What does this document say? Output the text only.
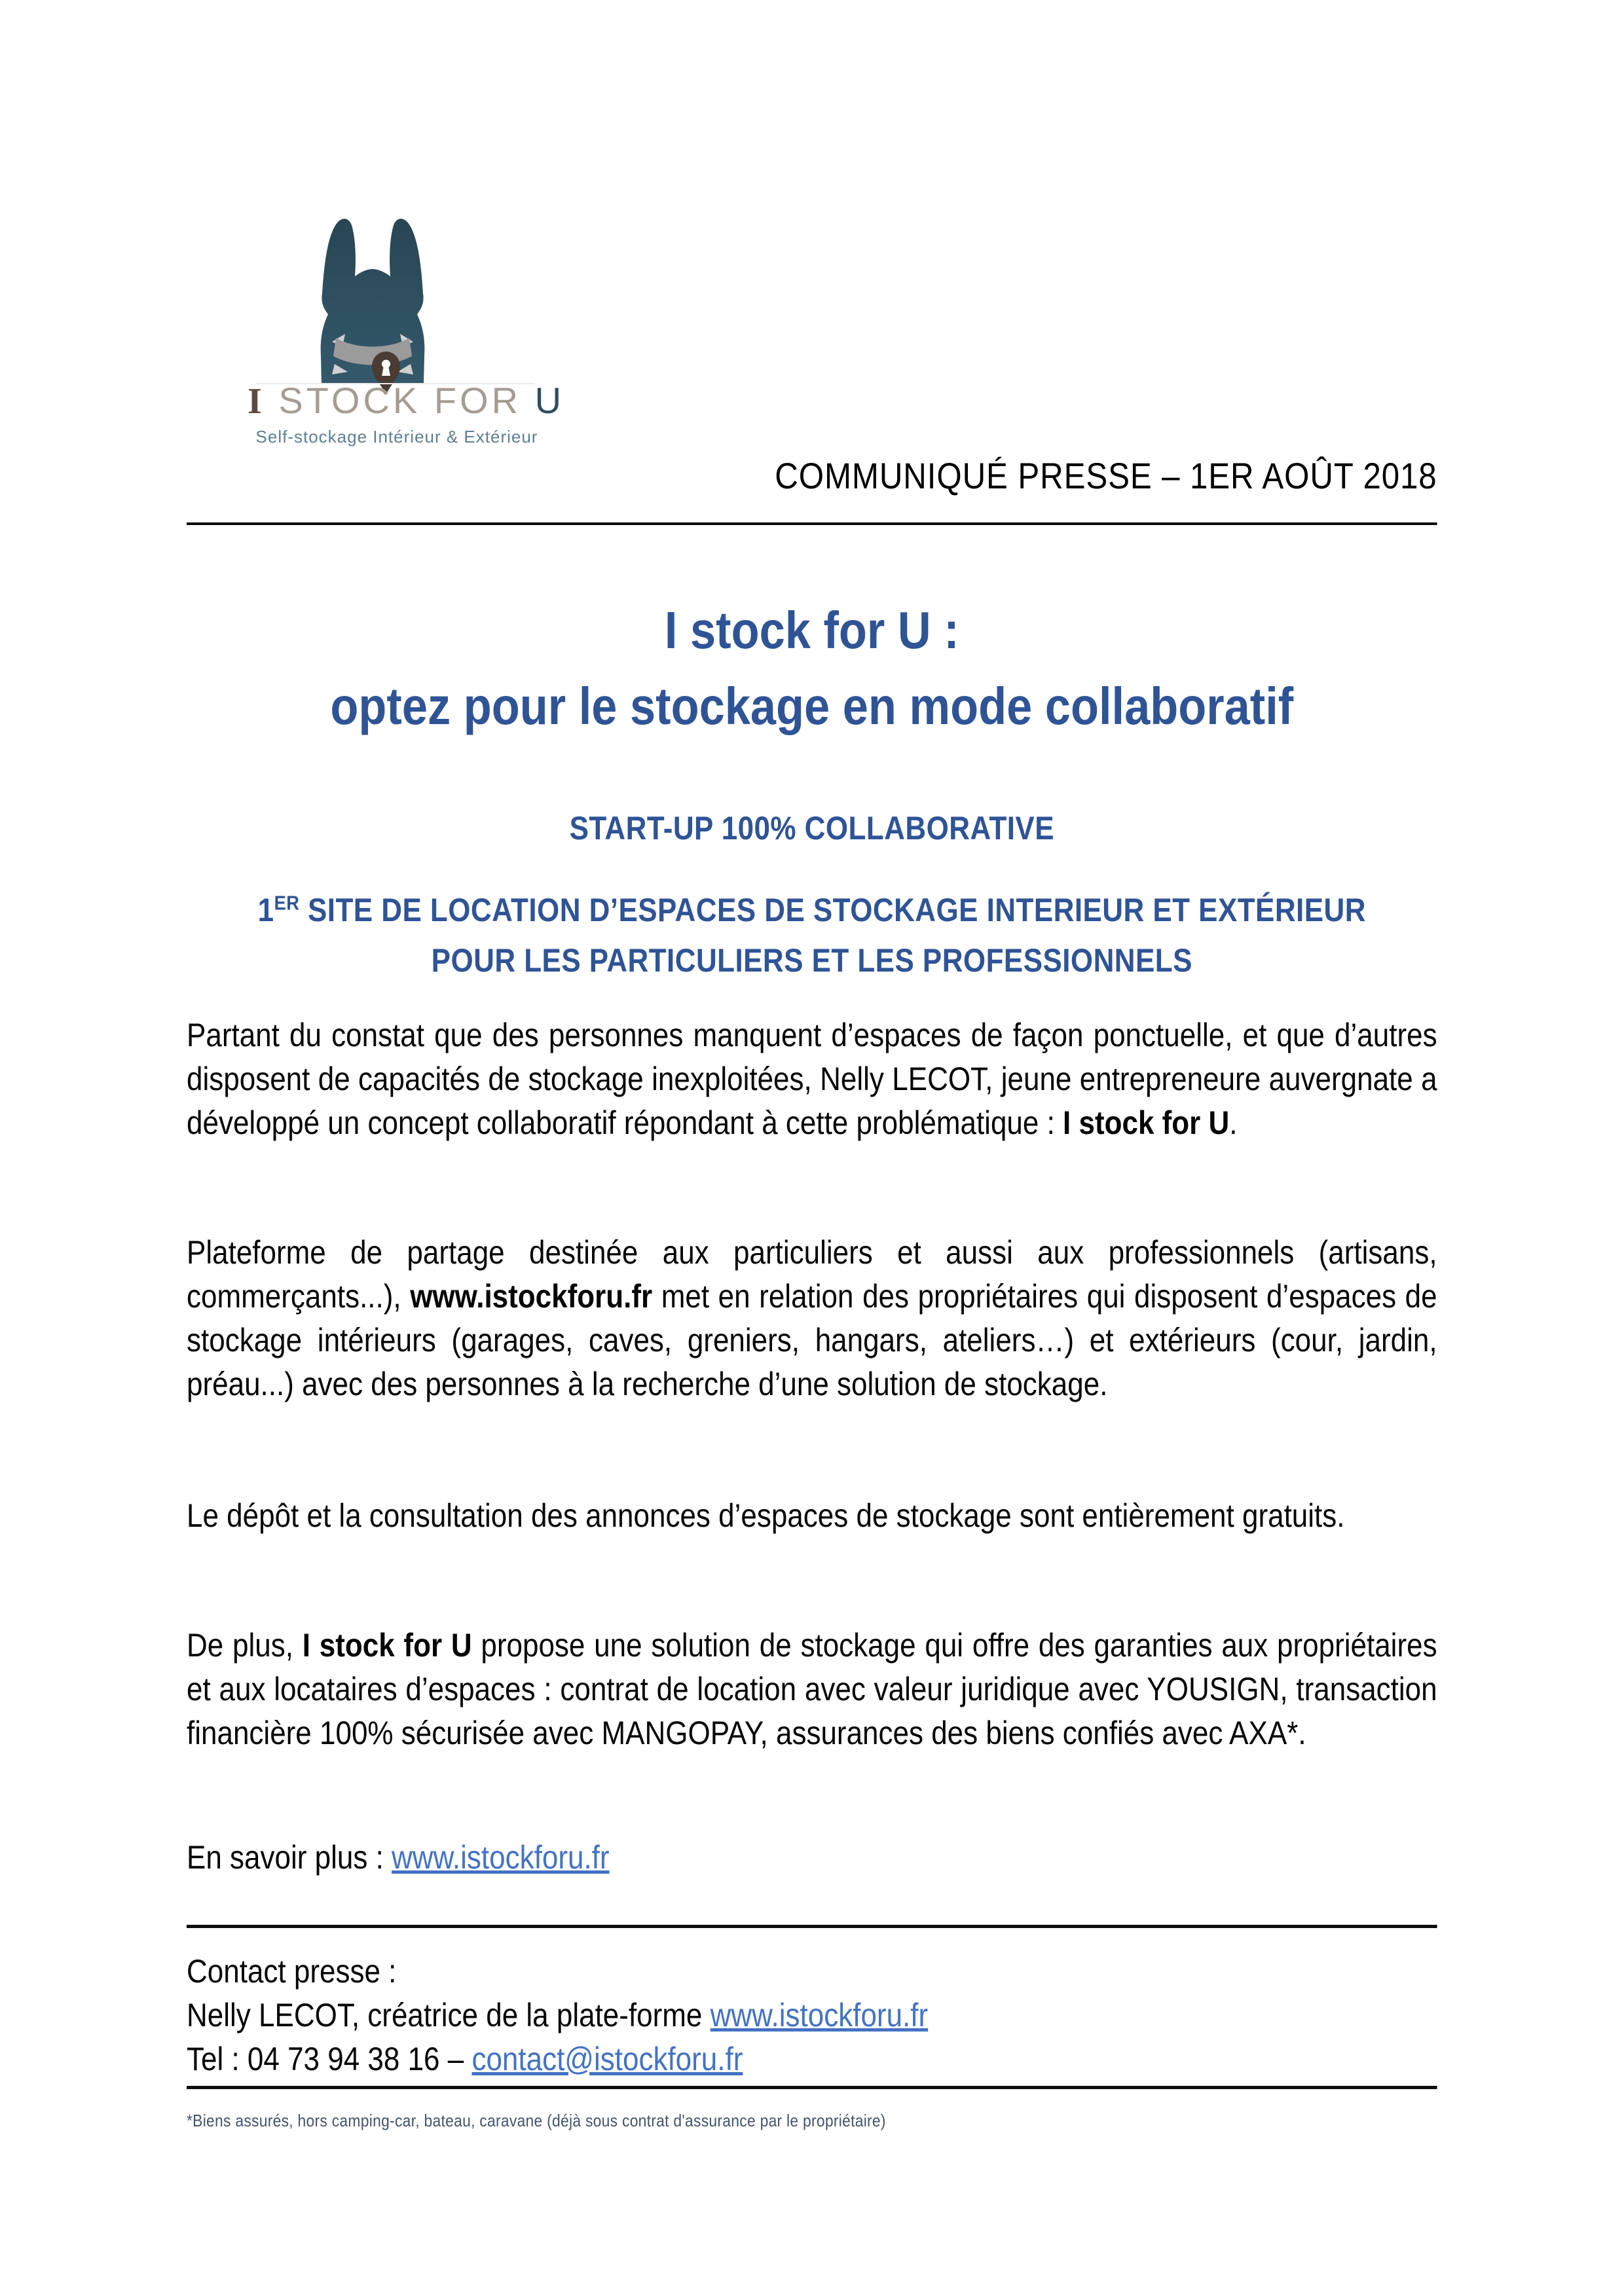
I STOCK FOR U
Self-stockage Intérieur & Extérieur
COMMUNIQUÉ PRESSE – 1ER AOÛT 2018
I stock for U :
optez pour le stockage en mode collaboratif
START-UP 100% COLLABORATIVE
1ER SITE DE LOCATION D’ESPACES DE STOCKAGE INTERIEUR ET EXTÉRIEUR
POUR LES PARTICULIERS ET LES PROFESSIONNELS
Partant du constat que des personnes manquent d’espaces de façon ponctuelle, et que d’autres disposent de capacités de stockage inexploitées, Nelly LECOT, jeune entrepreneure auvergnate a développé un concept collaboratif répondant à cette problématique : I stock for U.
Plateforme de partage destinée aux particuliers et aussi aux professionnels (artisans, commerçants...), www.istockforu.fr met en relation des propriétaires qui disposent d’espaces de stockage intérieurs (garages, caves, greniers, hangars, ateliers…) et extérieurs (cour, jardin, préau...) avec des personnes à la recherche d’une solution de stockage.
Le dépôt et la consultation des annonces d’espaces de stockage sont entièrement gratuits.
De plus, I stock for U propose une solution de stockage qui offre des garanties aux propriétaires et aux locataires d’espaces : contrat de location avec valeur juridique avec YOUSIGN, transaction financière 100% sécurisée avec MANGOPAY, assurances des biens confiés avec AXA*.
En savoir plus : www.istockforu.fr
Contact presse :
Nelly LECOT, créatrice de la plate-forme www.istockforu.fr
Tel : 04 73 94 38 16 – contact@istockforu.fr
*Biens assurés, hors camping-car, bateau, caravane (déjà sous contrat d'assurance par le propriétaire)
